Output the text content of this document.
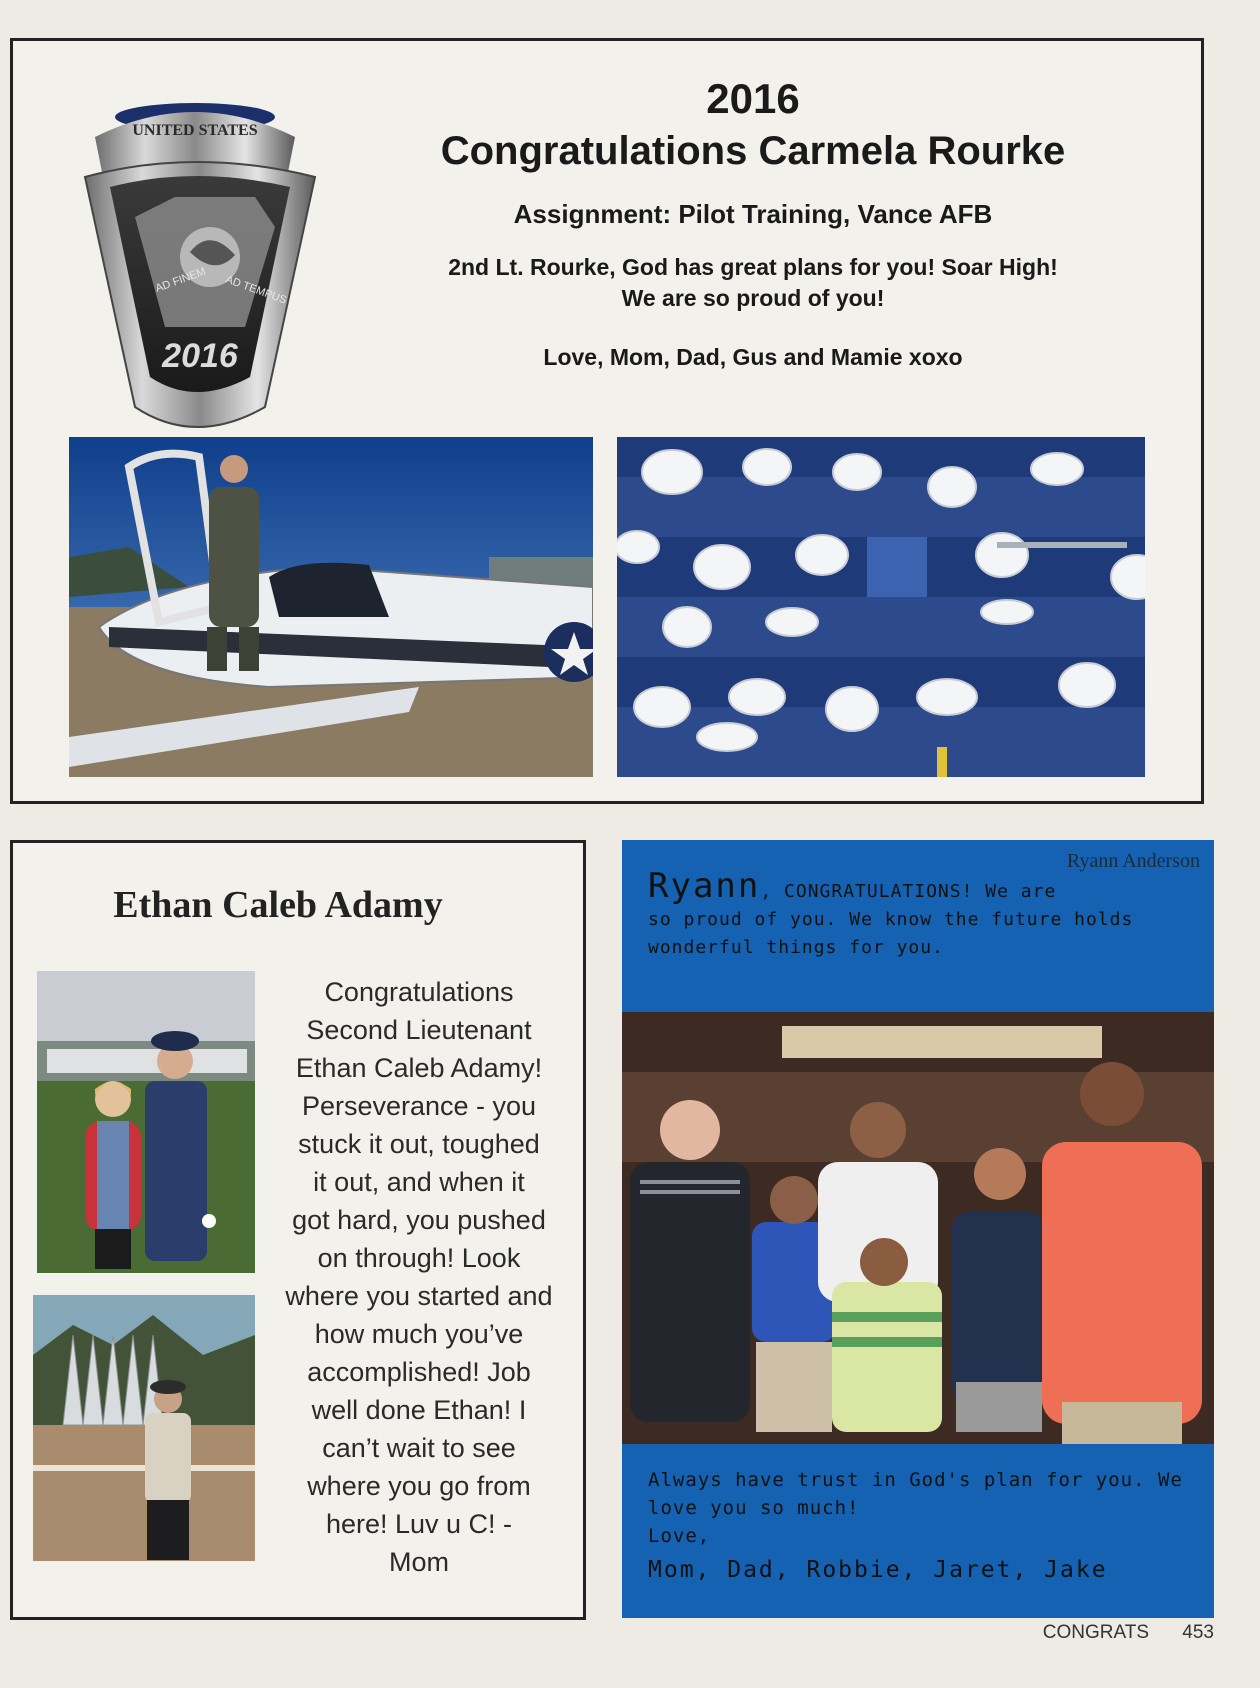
UNITED STATES
AD FINEM AD TEMPUS
2016
2016
Congratulations Carmela Rourke
Assignment: Pilot Training, Vance AFB
2nd Lt. Rourke, God has great plans for you! Soar High!
We are so proud of you!
Love, Mom, Dad, Gus and Mamie xoxo
Ethan Caleb Adamy
Congratulations
Second Lieutenant
Ethan Caleb Adamy!
Perseverance - you
stuck it out, toughed
it out, and when it
got hard, you pushed
on through! Look
where you started and
how much you’ve
accomplished! Job
well done Ethan! I
can’t wait to see
where you go from
here! Luv u C! -
Mom
Ryann Anderson
Ryann, CONGRATULATIONS! We are
so proud of you. We know the future holds
wonderful things for you.
Always have trust in God's plan for you. We
love you so much!
Love,
Mom, Dad, Robbie, Jaret, Jake
CONGRATS 453
